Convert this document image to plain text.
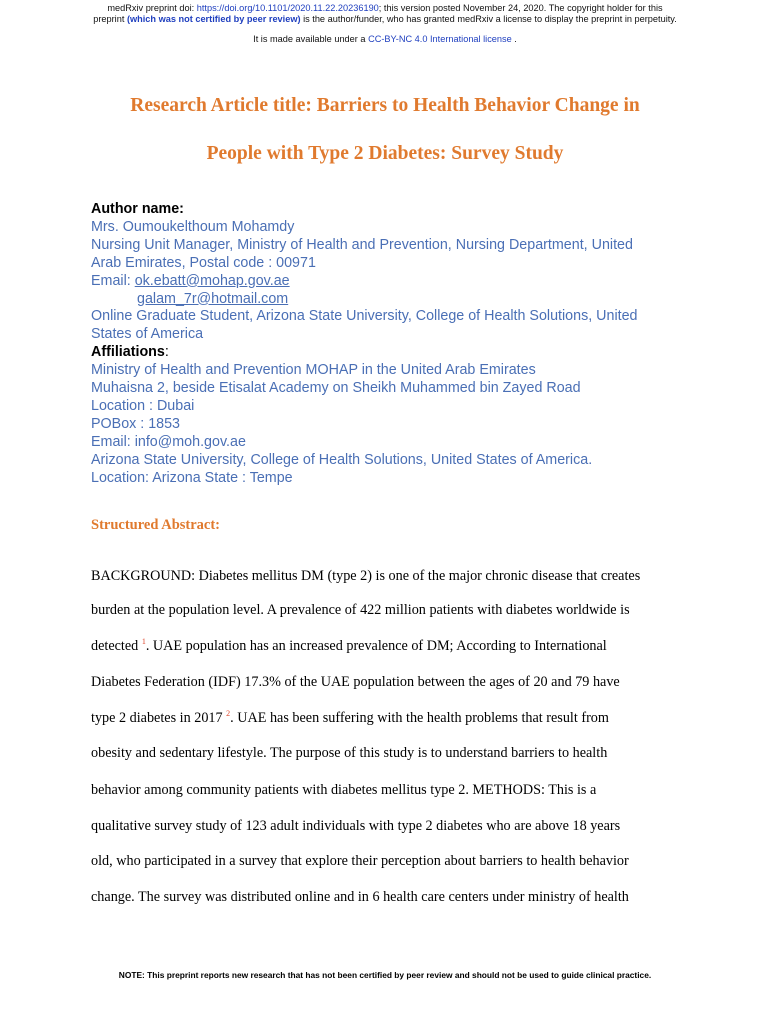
medRxiv preprint doi: https://doi.org/10.1101/2020.11.22.20236190; this version posted November 24, 2020. The copyright holder for this
preprint (which was not certified by peer review) is the author/funder, who has granted medRxiv a license to display the preprint in perpetuity.
It is made available under a CC-BY-NC 4.0 International license .
Research Article title: Barriers to Health Behavior Change in
People with Type 2 Diabetes: Survey Study
Author name:
Mrs. Oumoukelthoum Mohamdy
Nursing Unit Manager, Ministry of Health and Prevention, Nursing Department, United
Arab Emirates, Postal code : 00971
Email: ok.ebatt@mohap.gov.ae
galam_7r@hotmail.com
Online Graduate Student, Arizona State University, College of Health Solutions, United
States of America
Affiliations:
Ministry of Health and Prevention MOHAP in the United Arab Emirates
Muhaisna 2, beside Etisalat Academy on Sheikh Muhammed bin Zayed Road
Location : Dubai
POBox : 1853
Email: info@moh.gov.ae
Arizona State University, College of Health Solutions, United States of America.
Location: Arizona State : Tempe
Structured Abstract:
BACKGROUND: Diabetes mellitus DM (type 2) is one of the major chronic disease that creates
burden at the population level. A prevalence of 422 million patients with diabetes worldwide is
detected $^1$. UAE population has an increased prevalence of DM; According to International
Diabetes Federation (IDF) 17.3% of the UAE population between the ages of 20 and 79 have
type 2 diabetes in 2017 $^2$. UAE has been suffering with the health problems that result from
obesity and sedentary lifestyle. The purpose of this study is to understand barriers to health
behavior among community patients with diabetes mellitus type 2. METHODS: This is a
qualitative survey study of 123 adult individuals with type 2 diabetes who are above 18 years
old, who participated in a survey that explore their perception about barriers to health behavior
change. The survey was distributed online and in 6 health care centers under ministry of health
NOTE: This preprint reports new research that has not been certified by peer review and should not be used to guide clinical practice.
